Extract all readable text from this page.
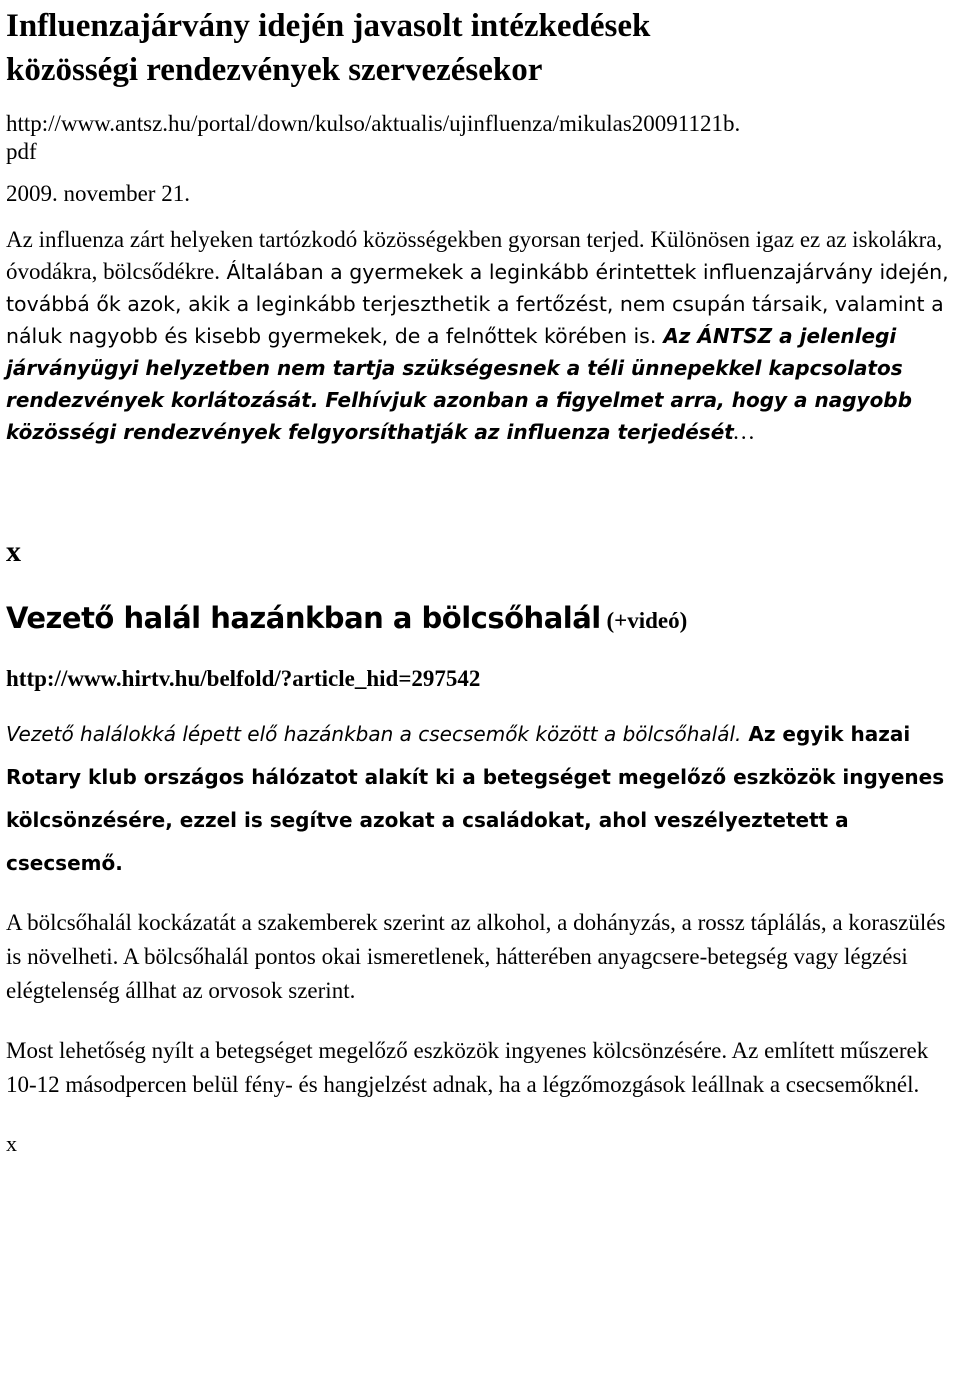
Influenzajárvány idején javasolt intézkedések
közösségi rendezvények szervezésekor
http://www.antsz.hu/portal/down/kulso/aktualis/ujinfluenza/mikulas20091121b.
pdf
2009. november 21.
Az influenza zárt helyeken tartózkodó közösségekben gyorsan terjed. Különösen igaz ez az iskolákra, óvodákra, bölcsődékre. Általában a gyermekek a leginkább érintettek influenzajárvány idején, továbbá ők azok, akik a leginkább terjeszthetik a fertőzést, nem csupán társaik, valamint a náluk nagyobb és kisebb gyermekek, de a felnőttek körében is. Az ÁNTSZ a jelenlegi járványügyi helyzetben nem tartja szükségesnek a téli ünnepekkel kapcsolatos rendezvények korlátozását. Felhívjuk azonban a figyelmet arra, hogy a nagyobb közösségi rendezvények felgyorsíthatják az influenza terjedését…
x
Vezető halál hazánkban a bölcsőhalál (+videó)
http://www.hirtv.hu/belfold/?article_hid=297542
Vezető halálokká lépett elő hazánkban a csecsemők között a bölcsőhalál. Az egyik hazai Rotary klub országos hálózatot alakít ki a betegséget megelőző eszközök ingyenes kölcsönzésére, ezzel is segítve azokat a családokat, ahol veszélyeztetett a csecsemő.
A bölcsőhalál kockázatát a szakemberek szerint az alkohol, a dohányzás, a rossz táplálás, a koraszülés is növelheti. A bölcsőhalál pontos okai ismeretlenek, hátterében anyagcsere-betegség vagy légzési elégtelenség állhat az orvosok szerint.
Most lehetőség nyílt a betegséget megelőző eszközök ingyenes kölcsönzésére. Az említett műszerek 10-12 másodpercen belül fény- és hangjelzést adnak, ha a légzőmozgások leállnak a csecsemőknél.
x
